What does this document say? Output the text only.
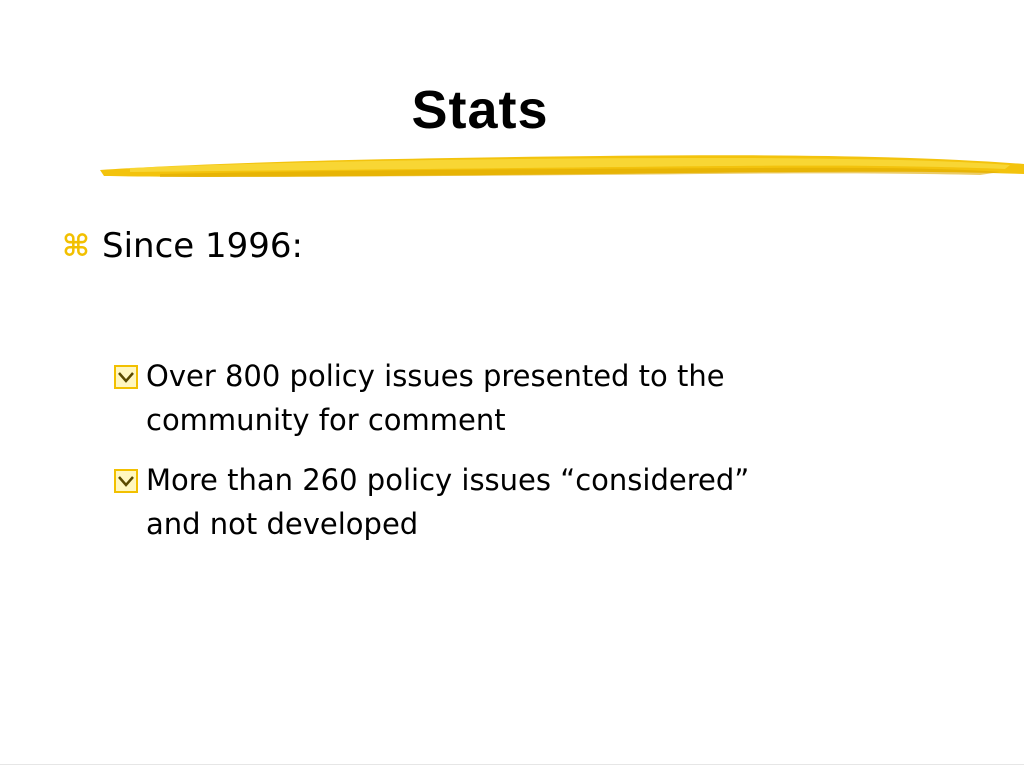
Stats
⌘ Since 1996:
Over 800 policy issues presented to the
community for comment
More than 260 policy issues “considered”
and not developed
